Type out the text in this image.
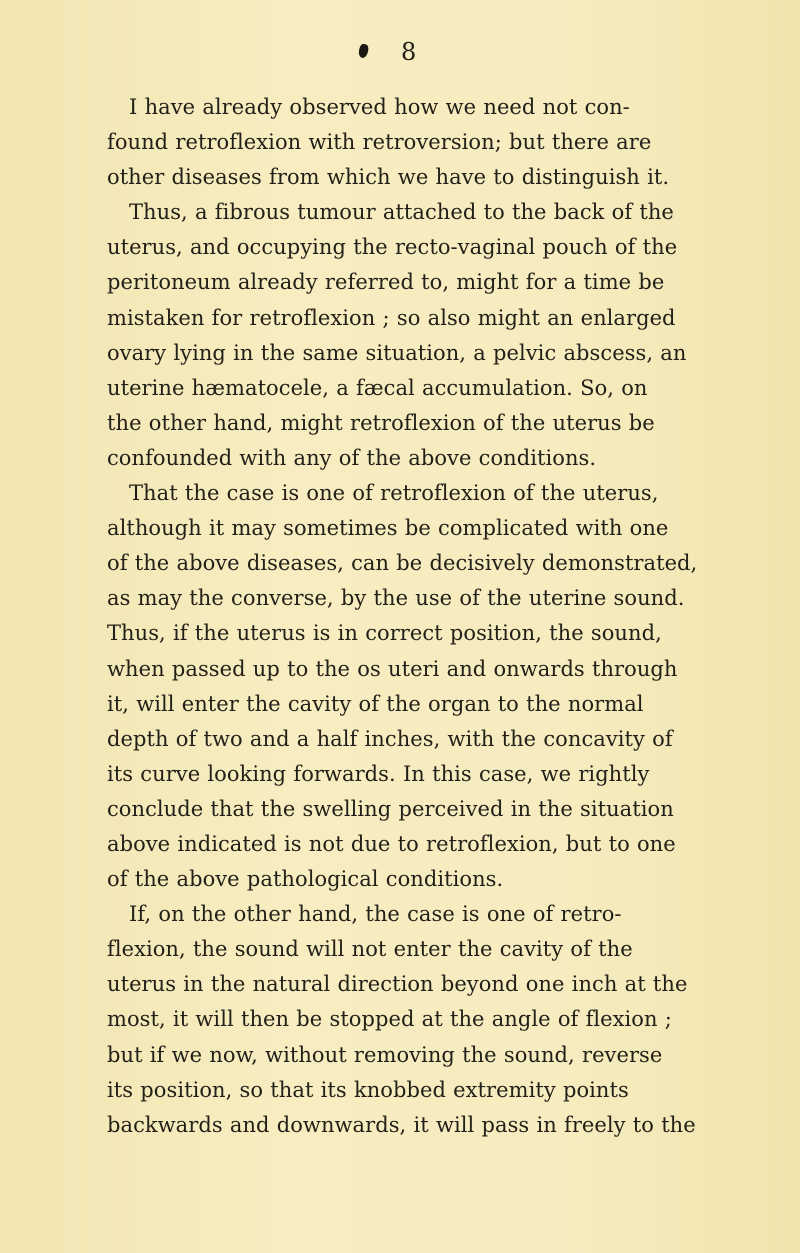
8
I have already observed how we need not con-
found retroflexion with retroversion; but there are
other diseases from which we have to distinguish it.
Thus, a fibrous tumour attached to the back of the
uterus, and occupying the recto-vaginal pouch of the
peritoneum already referred to, might for a time be
mistaken for retroflexion ; so also might an enlarged
ovary lying in the same situation, a pelvic abscess, an
uterine hæmatocele, a fæcal accumulation. So, on
the other hand, might retroflexion of the uterus be
confounded with any of the above conditions.
That the case is one of retroflexion of the uterus,
although it may sometimes be complicated with one
of the above diseases, can be decisively demonstrated,
as may the converse, by the use of the uterine sound.
Thus, if the uterus is in correct position, the sound,
when passed up to the os uteri and onwards through
it, will enter the cavity of the organ to the normal
depth of two and a half inches, with the concavity of
its curve looking forwards. In this case, we rightly
conclude that the swelling perceived in the situation
above indicated is not due to retroflexion, but to one
of the above pathological conditions.
If, on the other hand, the case is one of retro-
flexion, the sound will not enter the cavity of the
uterus in the natural direction beyond one inch at the
most, it will then be stopped at the angle of flexion ;
but if we now, without removing the sound, reverse
its position, so that its knobbed extremity points
backwards and downwards, it will pass in freely to the
